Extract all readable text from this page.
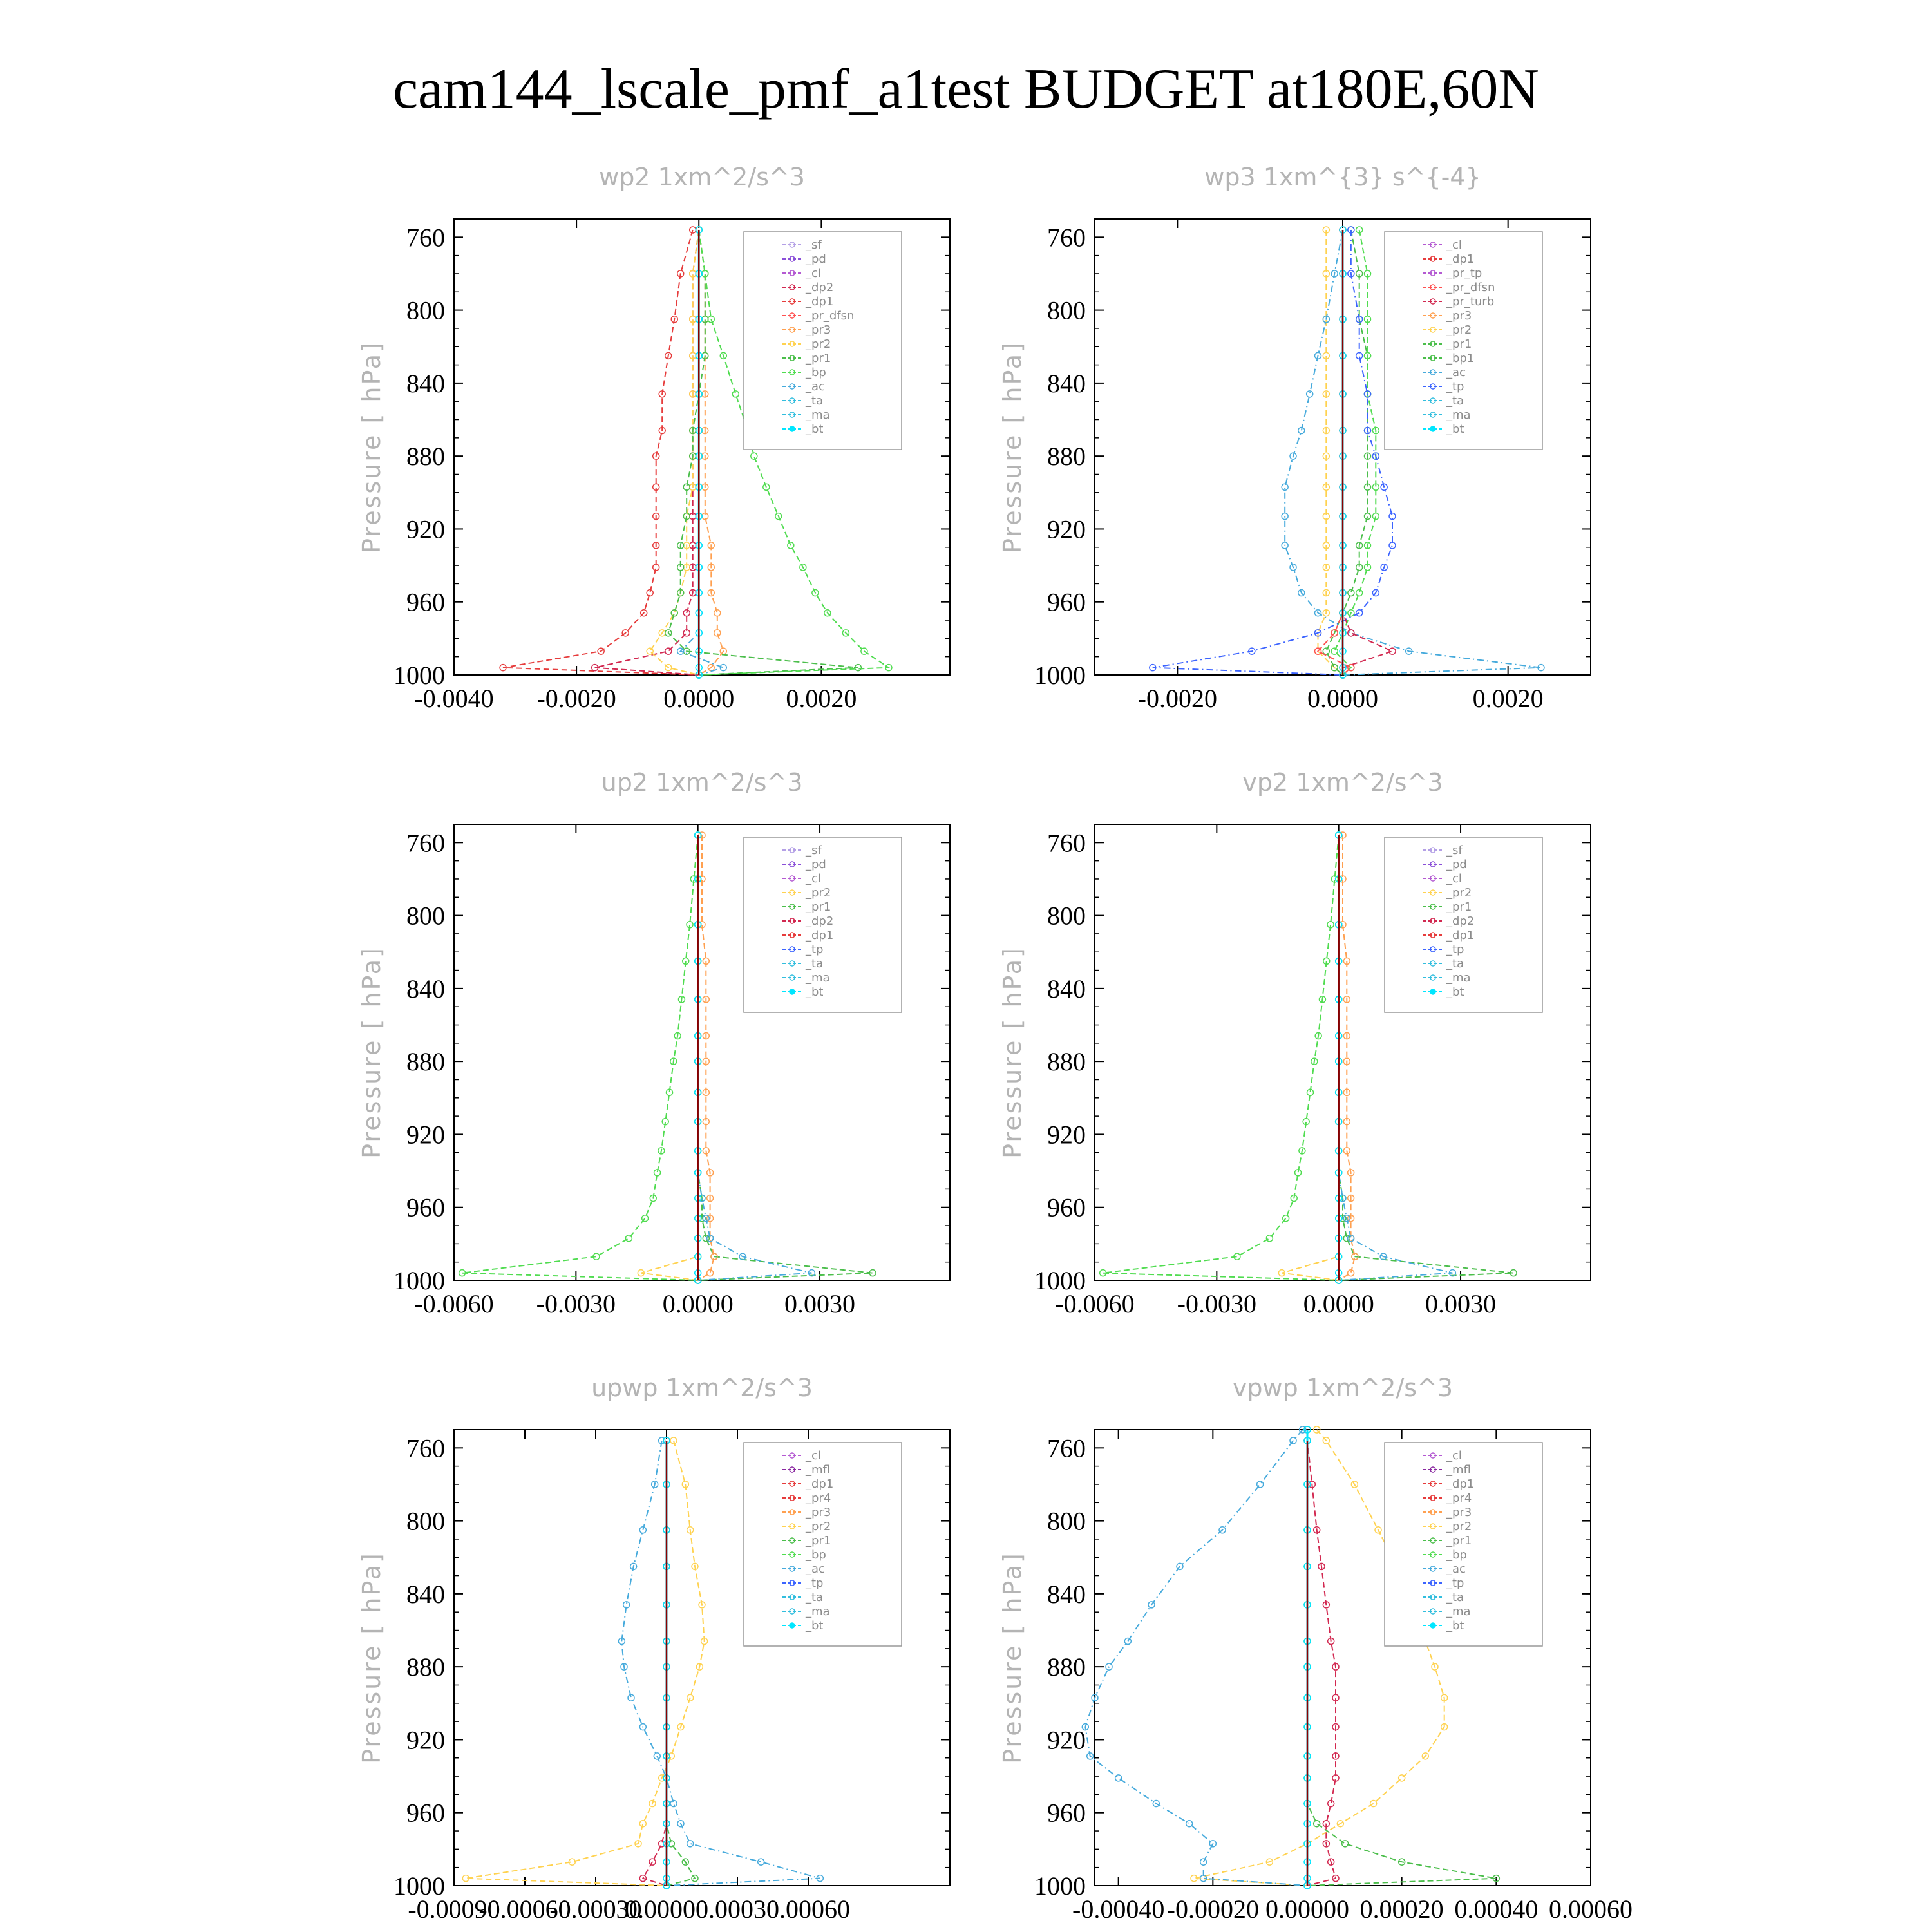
cam144_lscale_pmf_a1test BUDGET at180E,60N
wp2 1xm^2/s^3
Pressure [ hPa]
760
800
840
880
920
960
1000
-0.0040 -0.0020 0.0000 0.0020
_sf
_pd
_cl
_dp2
_dp1
_pr_dfsn
_pr3
_pr2
_pr1
_bp
_ac
_ta
_ma
_bt
wp3 1xm^{3} s^{-4}
Pressure [ hPa]
760
800
840
880
920
960
1000
-0.0020	0.0000	0.0020
_cl
_dp1
_pr_tp
_pr_dfsn
_pr_turb
_pr3
_pr2
_pr1
_bp1
_ac
_tp
_ta
_ma
_bt
up2 1xm^2/s^3
Pressure [ hPa]
760
800
840
880
920
960
1000
-0.0060 -0.0030 0.0000 0.0030
_sf
_pd
_cl
_pr2
_pr1
_dp2
_dp1
_tp
_ta
_ma
_bt
vp2 1xm^2/s^3
Pressure [ hPa]
760
800
840
880
920
960
1000
-0.0060 -0.0030 0.0000 0.0030
_sf
_pd
_cl
_pr2
_pr1
_dp2
_dp1
_tp
_ta
_ma
_bt
upwp 1xm^2/s^3
Pressure [ hPa]
760
800
840
880
920
960
1000
-0.00090
-0.00060
-0.00030
0.00000
0.00030
0.00060
_cl
_mfl
_dp1
_pr4
_pr3
_pr2
_pr1
_bp
_ac
_tp
_ta
_ma
_bt
vpwp 1xm^2/s^3
Pressure [ hPa]
760
800
840
880
920
960
1000
-0.00040 -0.00020 0.00000 0.00020 0.00040 0.00060
_cl
_mfl
_dp1
_pr4
_pr3
_pr2
_pr1
_bp
_ac
_tp
_ta
_ma
_bt
